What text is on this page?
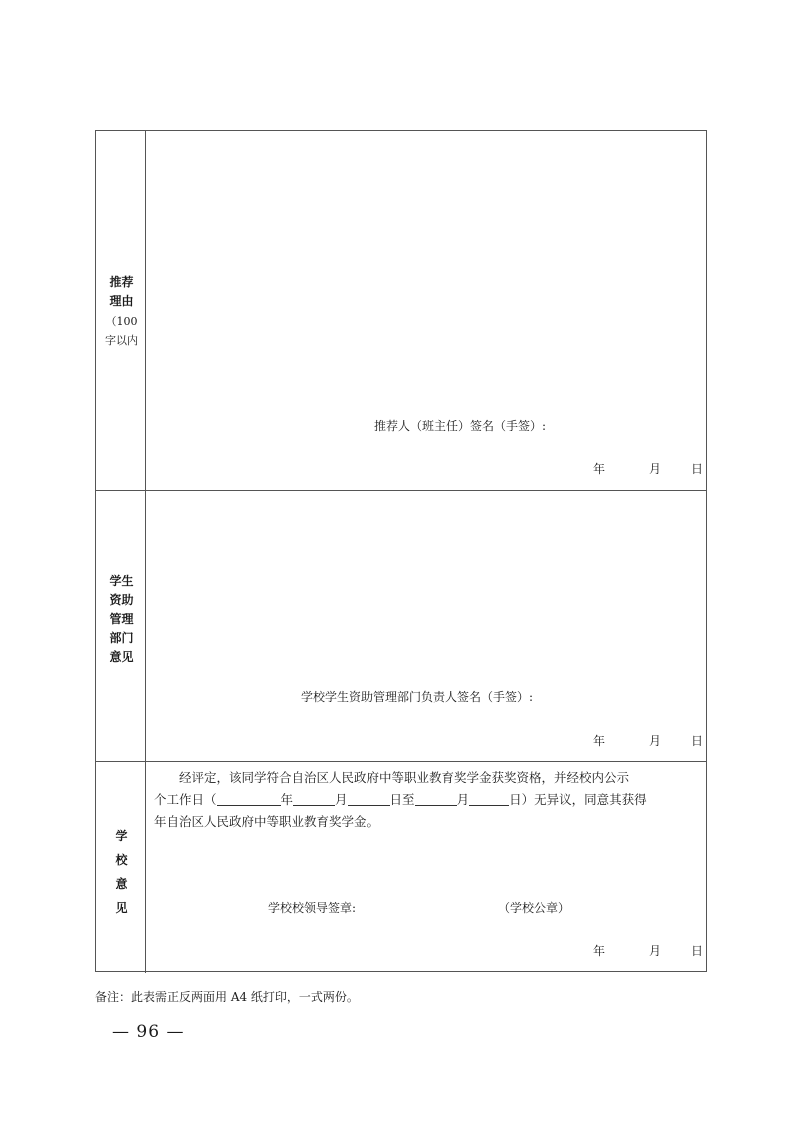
推荐
理由
（100
字以内
推荐人（班主任）签名（手签）:
年	月 日
学生
资助
管理
部门
意见
学校学生资助管理部门负责人签名（手签）:
年	月 日
学
校
意
见
经评定，该同学符合自治区人民政府中等职业教育奖学金获奖资格，并经校内公示
个工作日（	年	月	日至	月	日）无异议，同意其获得
年自治区人民政府中等职业教育奖学金。
学校校领导签章:	（学校公章）
年	月 日
备注：此表需正反两面用 A4 纸打印，一式两份。
— 96 —
